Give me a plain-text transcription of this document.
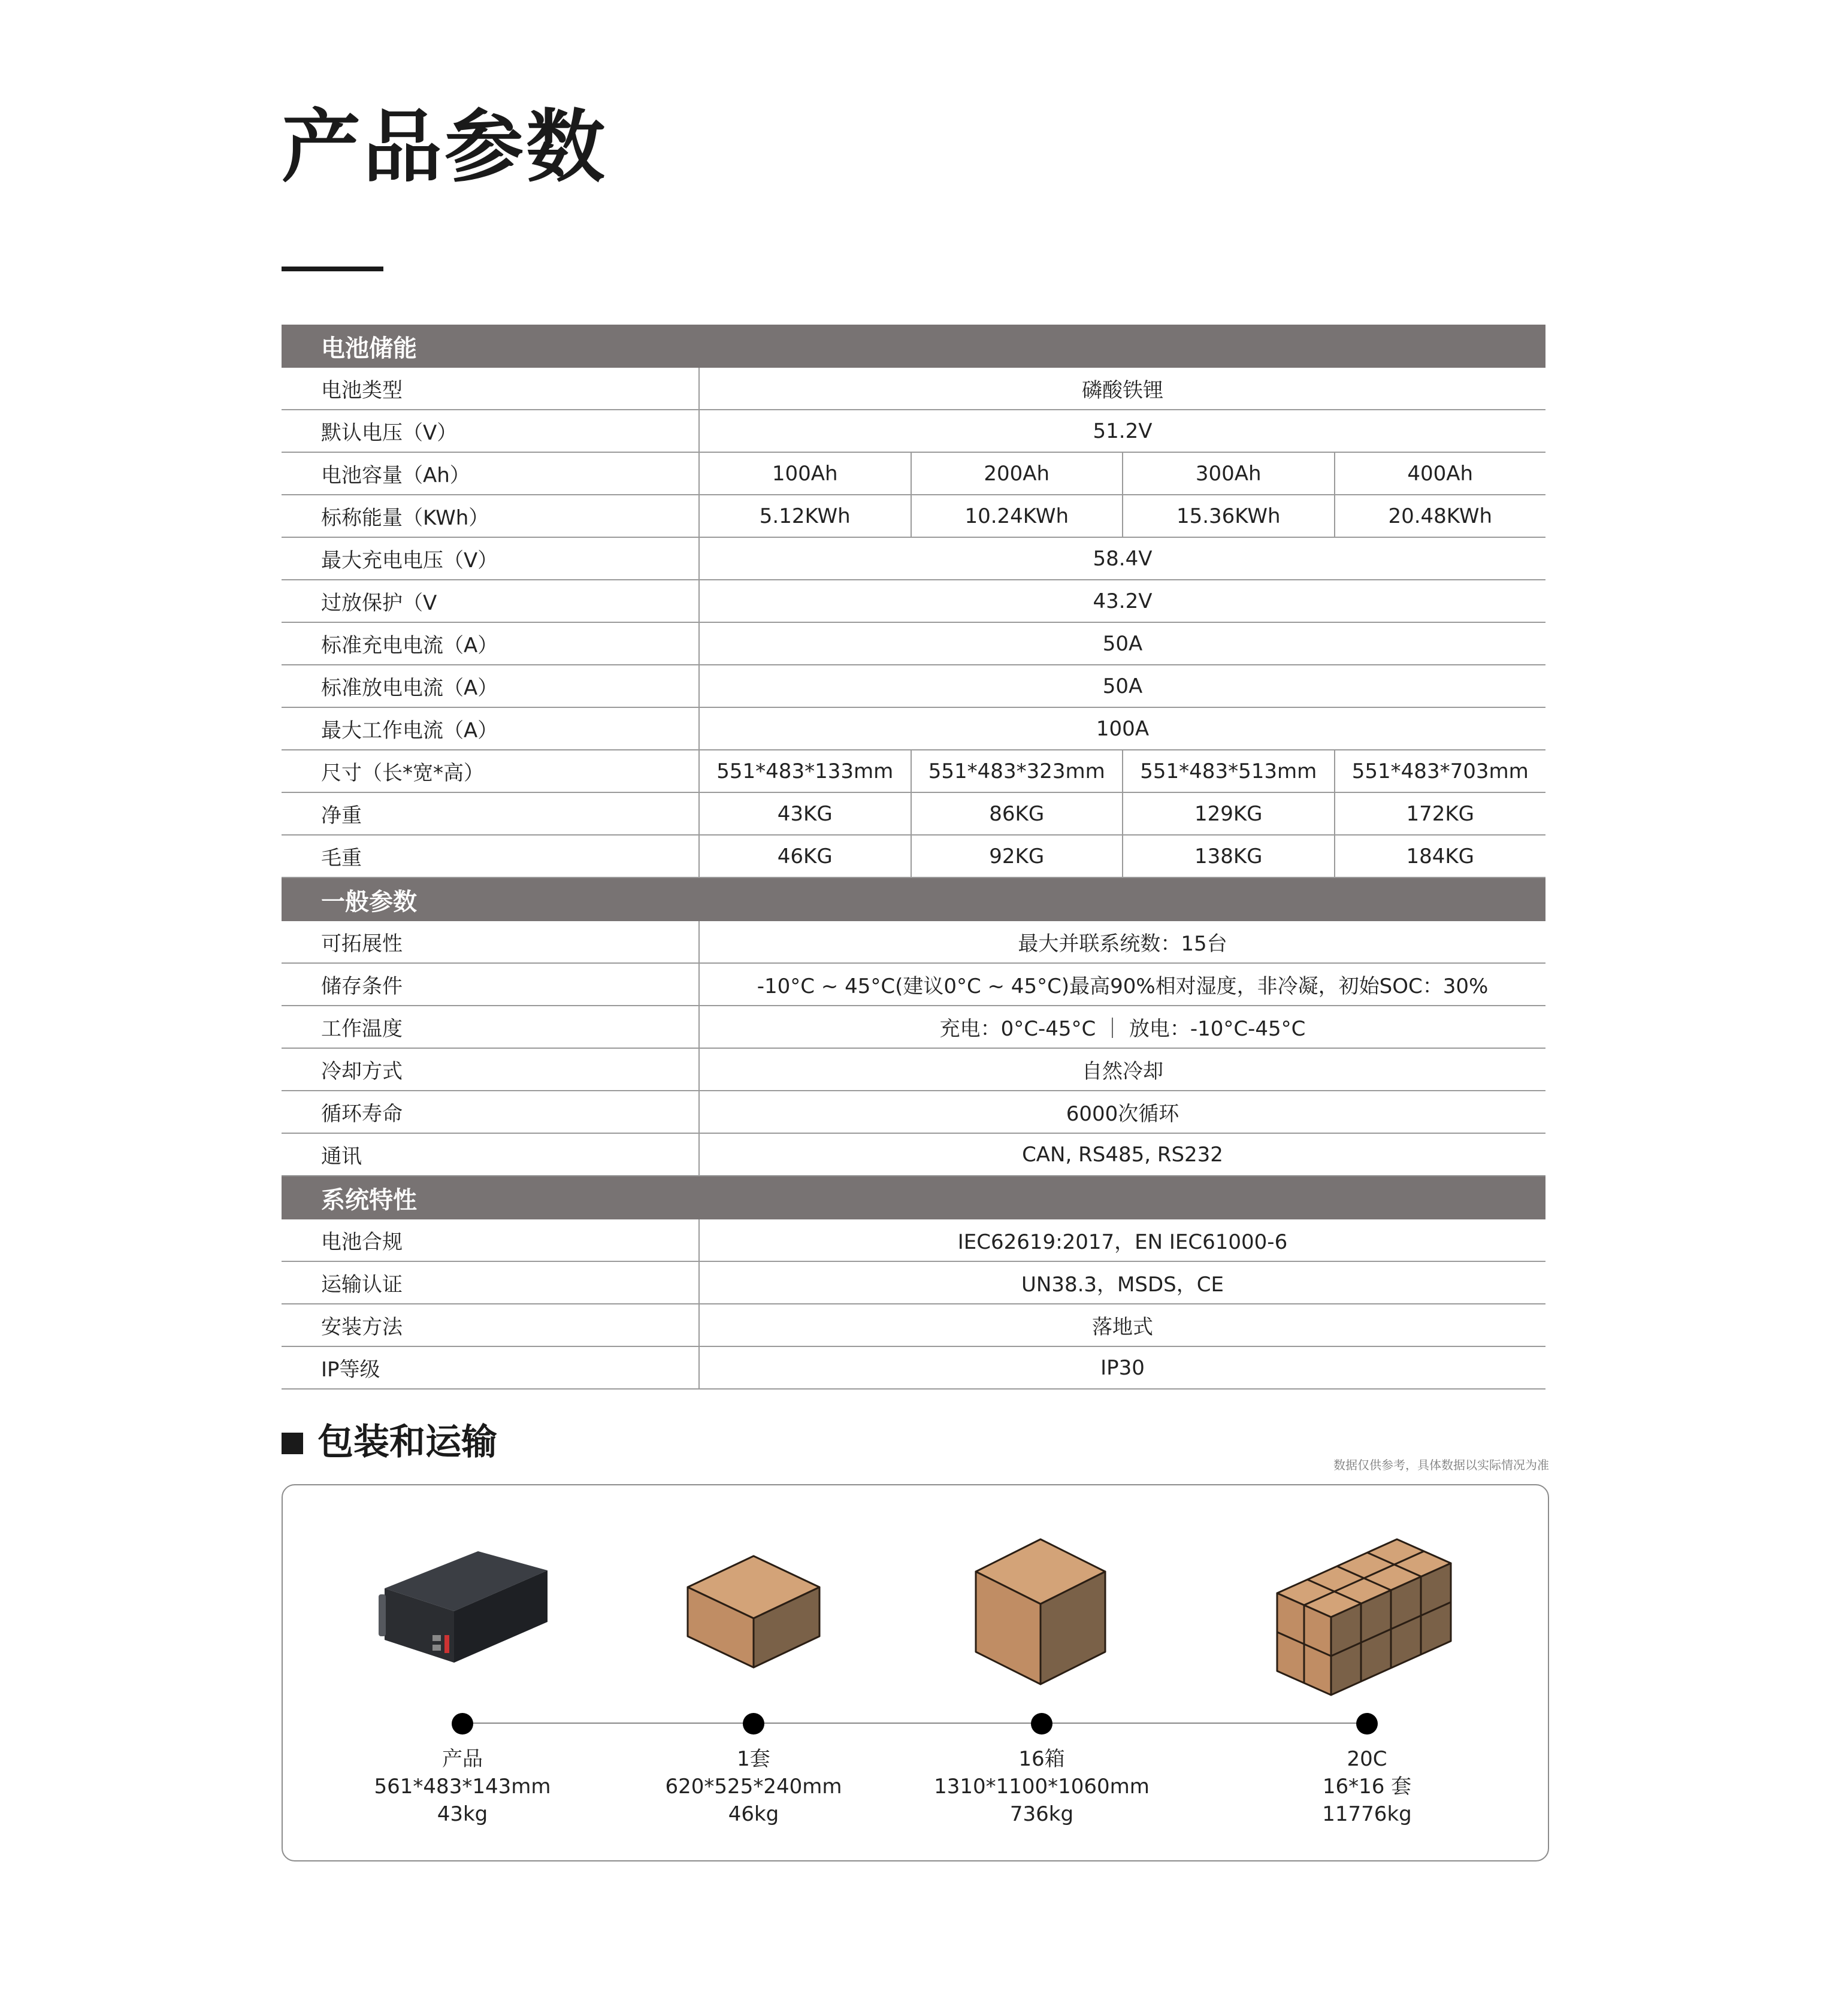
产品参数
电池储能
电池类型	磷酸铁锂
默认电压（V）	51.2V
电池容量（Ah）	100Ah	200Ah	300Ah	400Ah
标称能量（KWh）	5.12KWh	10.24KWh	15.36KWh	20.48KWh
最大充电电压（V）	58.4V
过放保护（V	43.2V
标准充电电流（A）	50A
标准放电电流（A）	50A
最大工作电流（A）	100A
尺寸（长*宽*高）	551*483*133mm	551*483*323mm	551*483*513mm	551*483*703mm
净重	43KG	86KG	129KG	172KG
毛重	46KG	92KG	138KG	184KG
一般参数
可拓展性	最大并联系统数：15台
储存条件	-10°C ~ 45°C(建议0°C ~ 45°C)最高90%相对湿度，非冷凝，初始SOC：30%
工作温度	充电：0°C-45°C ｜ 放电：-10°C-45°C
冷却方式	自然冷却
循环寿命	6000次循环
通讯	CAN, RS485, RS232
系统特性
电池合规	IEC62619:2017，EN IEC61000-6
运输认证	UN38.3，MSDS，CE
安装方法	落地式
IP等级	IP30
包装和运输
数据仅供参考，具体数据以实际情况为准
产品
561*483*143mm
43kg
1套
620*525*240mm
46kg
16箱
1310*1100*1060mm
736kg
20C
16*16 套
11776kg
